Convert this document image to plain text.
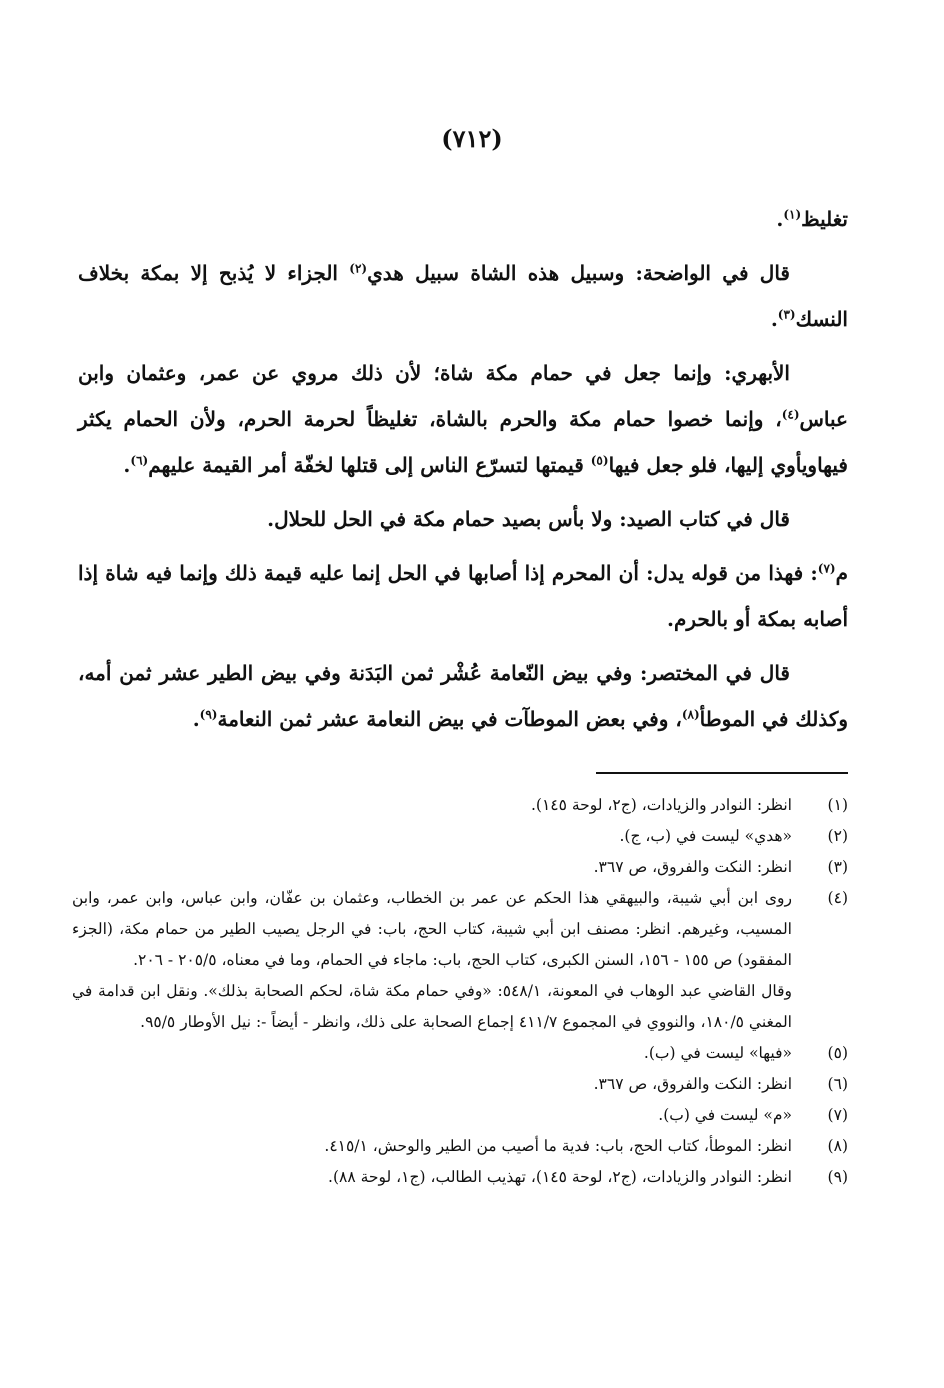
(٧١٢)

تغليظ$^{(١)}$.

قال في الواضحة: وسبيل هذه الشاة سبيل هدي$^{(٢)}$ الجزاء لا يُذبح إلا بمكة بخلاف النسك$^{(٣)}$.

الأبهري: وإنما جعل في حمام مكة شاة؛ لأن ذلك مروي عن عمر، وعثمان وابن عباس$^{(٤)}$، وإنما خصوا حمام مكة والحرم بالشاة، تغليظاً لحرمة الحرم، ولأن الحمام يكثر فيهاويأوي إليها، فلو جعل فيها$^{(٥)}$ قيمتها لتسرّع الناس إلى قتلها لخفّة أمر القيمة عليهم$^{(٦)}$.

قال في كتاب الصيد: ولا بأس بصيد حمام مكة في الحل للحلال.

م$^{(٧)}$: فهذا من قوله يدل: أن المحرم إذا أصابها في الحل إنما عليه قيمة ذلك وإنما فيه شاة إذا أصابه بمكة أو بالحرم.

قال في المختصر: وفي بيض النّعامة عُشْر ثمن البَدَنة وفي بيض الطير عشر ثمن أمه، وكذلك في الموطأ$^{(٨)}$، وفي بعض الموطآت في بيض النعامة عشر ثمن النعامة$^{(٩)}$.

(١)

انظر: النوادر والزيادات، (ج٢، لوحة ١٤٥).

(٢)

«هدي» ليست في (ب، ج).

(٣)

انظر: النكت والفروق، ص ٣٦٧.

(٤)

روى ابن أبي شيبة، والبيهقي هذا الحكم عن عمر بن الخطاب، وعثمان بن عفّان، وابن عباس، وابن عمر، وابن المسيب، وغيرهم. انظر: مصنف ابن أبي شيبة، كتاب الحج، باب: في الرجل يصيب الطير من حمام مكة، (الجزء المفقود) ص ١٥٥ - ١٥٦، السنن الكبرى، كتاب الحج، باب: ماجاء في الحمام، وما في معناه، ٢٠٥/٥ - ٢٠٦.

وقال القاضي عبد الوهاب في المعونة، ٥٤٨/١: «وفي حمام مكة شاة، لحكم الصحابة بذلك». ونقل ابن قدامة في المغني ١٨٠/٥، والنووي في المجموع ٤١١/٧ إجماع الصحابة على ذلك، وانظر - أيضاً -: نيل الأوطار ٩٥/٥.

(٥)

«فيها» ليست في (ب).

(٦)

انظر: النكت والفروق، ص ٣٦٧.

(٧)

«م» ليست في (ب).

(٨)

انظر: الموطأ، كتاب الحج، باب: فدية ما أصيب من الطير والوحش، ٤١٥/١.

(٩)

انظر: النوادر والزيادات، (ج٢، لوحة ١٤٥)، تهذيب الطالب، (ج١، لوحة ٨٨).
